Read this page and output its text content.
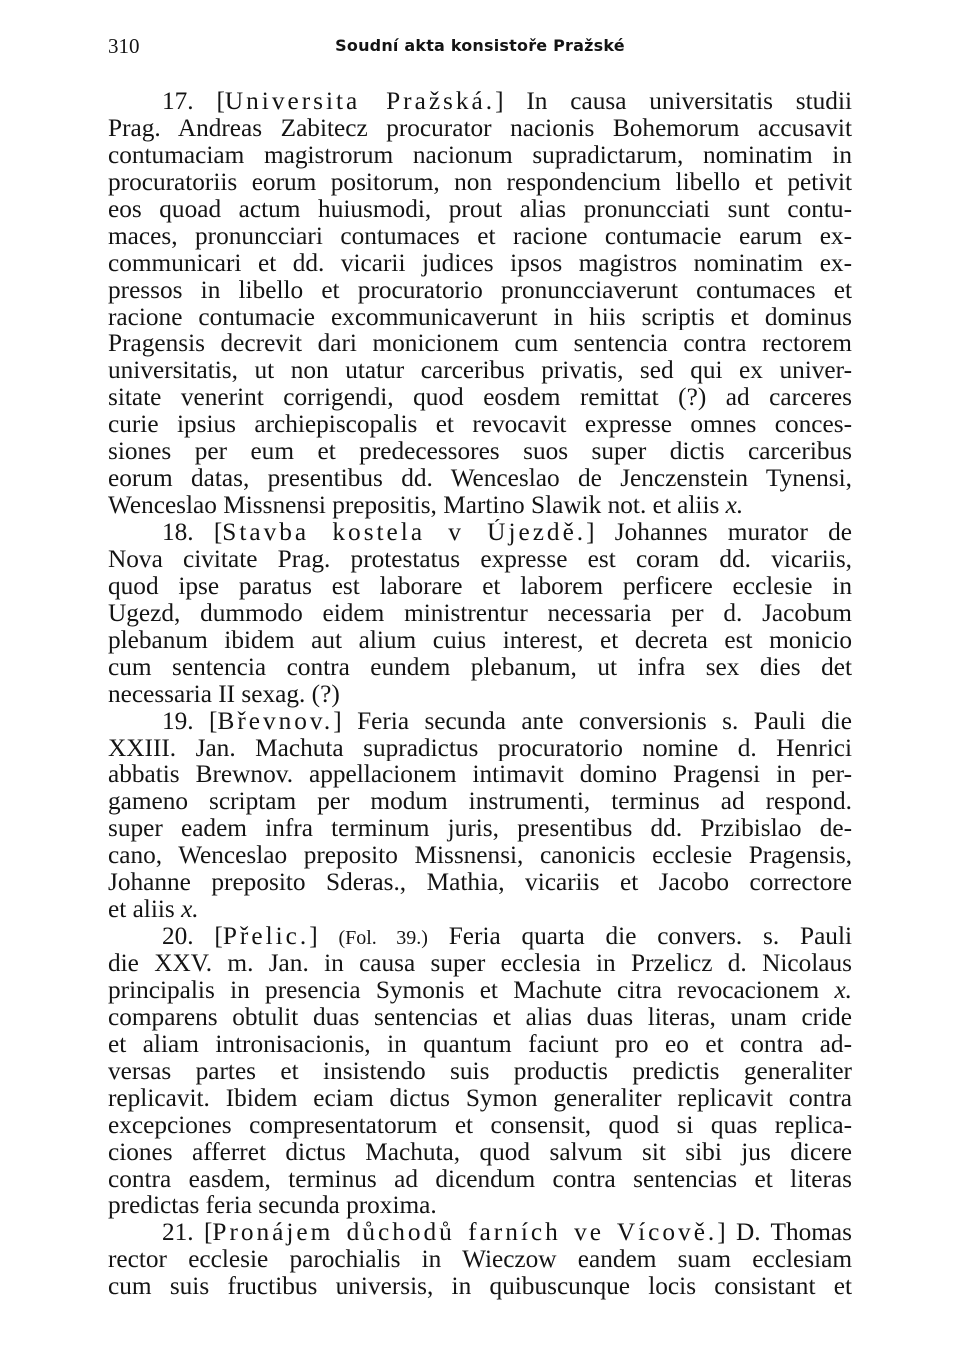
310	Soudní akta konsistoře Pražské
17. [Universita Pražská.] In causa universitatis studii
Prag. Andreas Zabitecz procurator nacionis Bohemorum accusavit
contumaciam magistrorum nacionum supradictarum, nominatim in
procuratoriis eorum positorum, non respondencium libello et petivit
eos quoad actum huiusmodi, prout alias pronuncciati sunt contu-
maces, pronuncciari contumaces et racione contumacie earum ex-
communicari et dd. vicarii judices ipsos magistros nominatim ex-
pressos in libello et procuratorio pronuncciaverunt contumaces et
racione contumacie excommunicaverunt in hiis scriptis et dominus
Pragensis decrevit dari monicionem cum sentencia contra rectorem
universitatis, ut non utatur carceribus privatis, sed qui ex univer-
sitate venerint corrigendi, quod eosdem remittat (?) ad carceres
curie ipsius archiepiscopalis et revocavit expresse omnes conces-
siones per eum et predecessores suos super dictis carceribus
eorum datas, presentibus dd. Wenceslao de Jenczenstein Tynensi,
Wenceslao Missnensi prepositis, Martino Slawik not. et aliis x.
18. [Stavba kostela v Újezdě.] Johannes murator de
Nova civitate Prag. protestatus expresse est coram dd. vicariis,
quod ipse paratus est laborare et laborem perficere ecclesie in
Ugezd, dummodo eidem ministrentur necessaria per d. Jacobum
plebanum ibidem aut alium cuius interest, et decreta est monicio
cum sentencia contra eundem plebanum, ut infra sex dies det
necessaria II sexag. (?)
19. [Břevnov.] Feria secunda ante conversionis s. Pauli die
XXIII. Jan. Machuta supradictus procuratorio nomine d. Henrici
abbatis Brewnov. appellacionem intimavit domino Pragensi in per-
gameno scriptam per modum instrumenti, terminus ad respond.
super eadem infra terminum juris, presentibus dd. Przibislao de-
cano, Wenceslao preposito Missnensi, canonicis ecclesie Pragensis,
Johanne preposito Sderas., Mathia, vicariis et Jacobo correctore
et aliis x.
20. [Přelic.] (Fol. 39.) Feria quarta die convers. s. Pauli
die XXV. m. Jan. in causa super ecclesia in Przelicz d. Nicolaus
principalis in presencia Symonis et Machute citra revocacionem x.
comparens obtulit duas sentencias et alias duas literas, unam cride
et aliam intronisacionis, in quantum faciunt pro eo et contra ad-
versas partes et insistendo suis productis predictis generaliter
replicavit. Ibidem eciam dictus Symon generaliter replicavit contra
excepciones compresentatorum et consensit, quod si quas replica-
ciones afferret dictus Machuta, quod salvum sit sibi jus dicere
contra easdem, terminus ad dicendum contra sentencias et literas
predictas feria secunda proxima.
21. [Pronájem důchodů farních ve Vícově.] D. Thomas
rector ecclesie parochialis in Wieczow eandem suam ecclesiam
cum suis fructibus universis, in quibuscunque locis consistant et
